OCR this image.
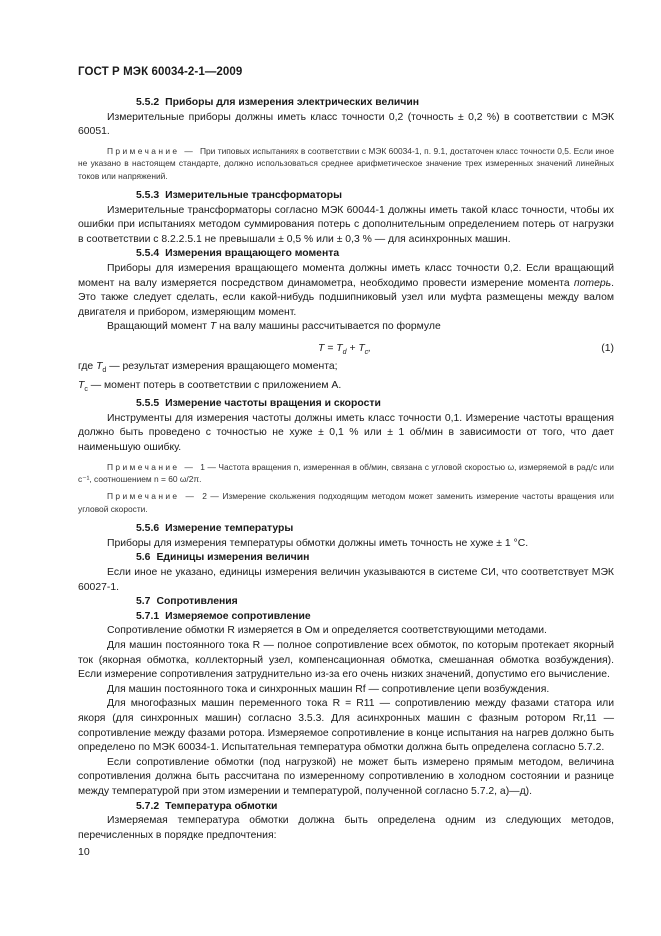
ГОСТ Р МЭК 60034-2-1—2009

5.5.2 Приборы для измерения электрических величин

Измерительные приборы должны иметь класс точности 0,2 (точность ± 0,2 %) в соответствии с МЭК 60051.

Примечание — При типовых испытаниях в соответствии с МЭК 60034-1, п. 9.1, достаточен класс точности 0,5. Если иное не указано в настоящем стандарте, должно использоваться среднее арифметическое значение трех измеренных значений линейных токов или напряжений.

5.5.3 Измерительные трансформаторы

Измерительные трансформаторы согласно МЭК 60044-1 должны иметь такой класс точности, чтобы их ошибки при испытаниях методом суммирования потерь с дополнительным определением потерь от нагрузки в соответствии с 8.2.2.5.1 не превышали ± 0,5 % или ± 0,3 % — для асинхронных машин.

5.5.4 Измерения вращающего момента

Приборы для измерения вращающего момента должны иметь класс точности 0,2. Если вращающий момент на валу измеряется посредством динамометра, необходимо провести измерение момента потерь. Это также следует сделать, если какой-нибудь подшипниковый узел или муфта размещены между валом двигателя и прибором, измеряющим момент.

Вращающий момент T на валу машины рассчитывается по формуле

$T = T_d + T_c$,	(1)

где $T_d$ — результат измерения вращающего момента;

$T_c$ — момент потерь в соответствии с приложением А.

5.5.5 Измерение частоты вращения и скорости

Инструменты для измерения частоты должны иметь класс точности 0,1. Измерение частоты вращения должно быть проведено с точностью не хуже ± 0,1 % или ± 1 об/мин в зависимости от того, что дает наименьшую ошибку.

Примечание — 1 — Частота вращения n, измеренная в об/мин, связана с угловой скоростью ω, измеряемой в рад/с или с⁻¹, соотношением n = 60 ω/2π.

Примечание — 2 — Измерение скольжения подходящим методом может заменить измерение частоты вращения или угловой скорости.

5.5.6 Измерение температуры

Приборы для измерения температуры обмотки должны иметь точность не хуже ± 1 °С.

5.6 Единицы измерения величин

Если иное не указано, единицы измерения величин указываются в системе СИ, что соответствует МЭК 60027-1.

5.7 Сопротивления

5.7.1 Измеряемое сопротивление

Сопротивление обмотки R измеряется в Ом и определяется соответствующими методами.

Для машин постоянного тока R — полное сопротивление всех обмоток, по которым протекает якорный ток (якорная обмотка, коллекторный узел, компенсационная обмотка, смешанная обмотка возбуждения). Если измерение сопротивления затруднительно из-за его очень низких значений, допустимо его вычисление.

Для машин постоянного тока и синхронных машин Rf — сопротивление цепи возбуждения.

Для многофазных машин переменного тока R = R11 — сопротивлению между фазами статора или якоря (для синхронных машин) согласно 3.5.3. Для асинхронных машин с фазным ротором Rr,11 — сопротивление между фазами ротора. Измеряемое сопротивление в конце испытания на нагрев должно быть определено по МЭК 60034-1. Испытательная температура обмотки должна быть определена согласно 5.7.2.

Если сопротивление обмотки (под нагрузкой) не может быть измерено прямым методом, величина сопротивления должна быть рассчитана по измеренному сопротивлению в холодном состоянии и разнице между температурой при этом измерении и температурой, полученной согласно 5.7.2, а)—д).

5.7.2 Температура обмотки

Измеряемая температура обмотки должна быть определена одним из следующих методов, перечисленных в порядке предпочтения:

10
